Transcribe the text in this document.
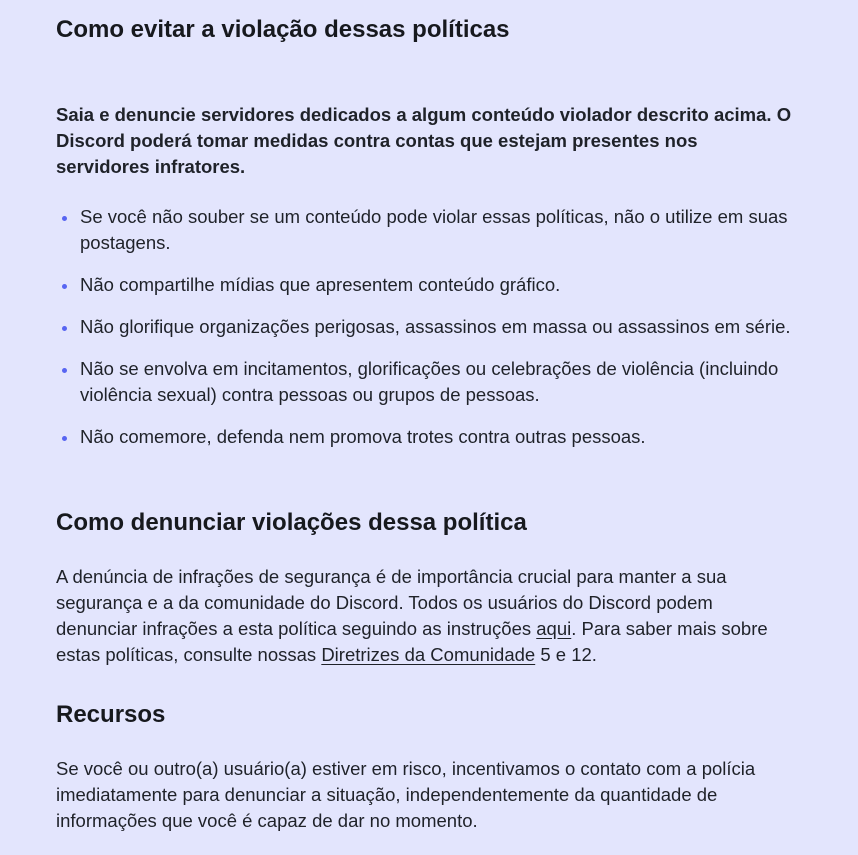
Como evitar a violação dessas políticas

Saia e denuncie servidores dedicados a algum conteúdo violador descrito acima. O Discord poderá tomar medidas contra contas que estejam presentes nos servidores infratores.

Se você não souber se um conteúdo pode violar essas políticas, não o utilize em suas postagens.
Não compartilhe mídias que apresentem conteúdo gráfico.
Não glorifique organizações perigosas, assassinos em massa ou assassinos em série.
Não se envolva em incitamentos, glorificações ou celebrações de violência (incluindo violência sexual) contra pessoas ou grupos de pessoas.
Não comemore, defenda nem promova trotes contra outras pessoas.
Como denunciar violações dessa política

A denúncia de infrações de segurança é de importância crucial para manter a sua segurança e a da comunidade do Discord. Todos os usuários do Discord podem denunciar infrações a esta política seguindo as instruções aqui. Para saber mais sobre estas políticas, consulte nossas Diretrizes da Comunidade 5 e 12.

Recursos

Se você ou outro(a) usuário(a) estiver em risco, incentivamos o contato com a polícia imediatamente para denunciar a situação, independentemente da quantidade de informações que você é capaz de dar no momento.
